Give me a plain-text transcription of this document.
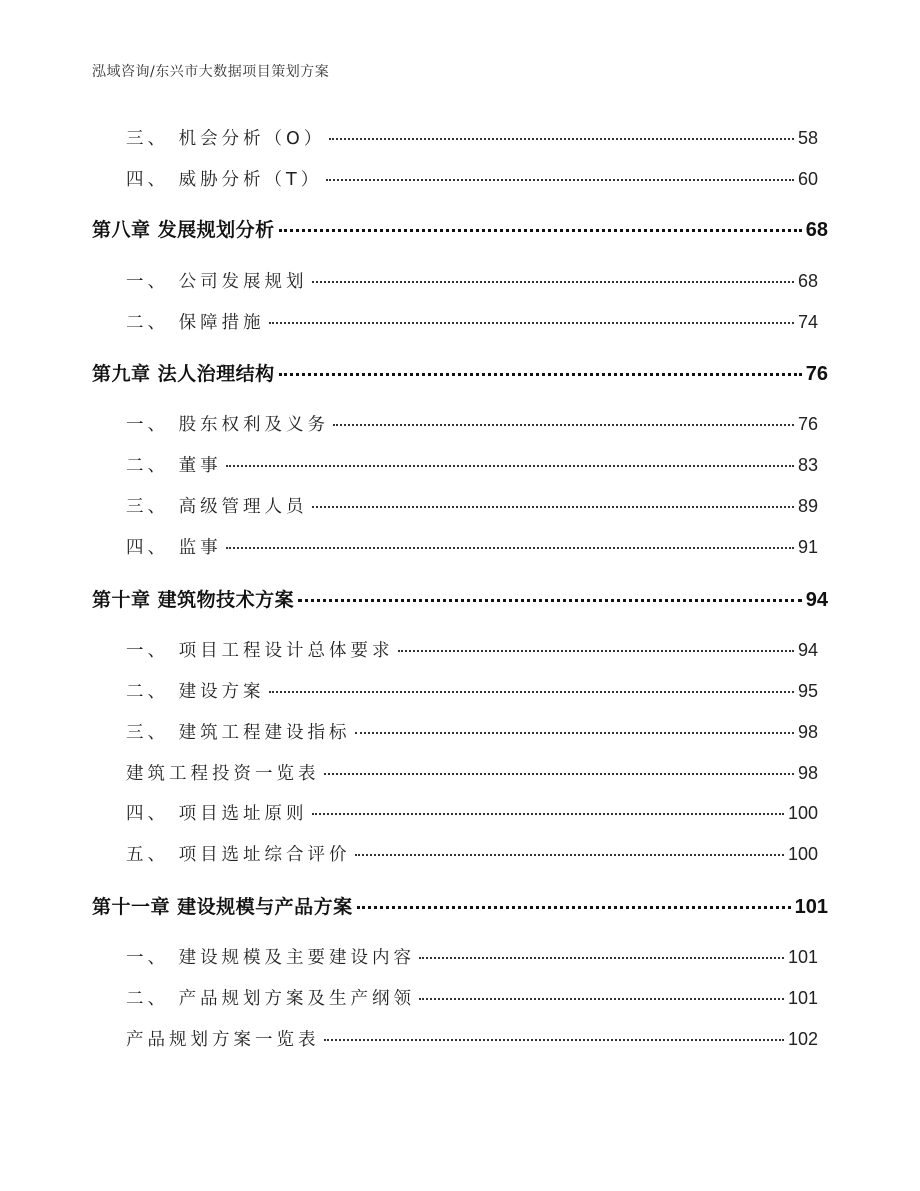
泓域咨询/东兴市大数据项目策划方案
三、 机会分析（O）	58
四、 威胁分析（T）	60
第八章 发展规划分析	68
一、 公司发展规划	68
二、 保障措施	74
第九章 法人治理结构	76
一、 股东权利及义务	76
二、 董事	83
三、 高级管理人员	89
四、 监事	91
第十章 建筑物技术方案	94
一、 项目工程设计总体要求	94
二、 建设方案	95
三、 建筑工程建设指标	98
建筑工程投资一览表	98
四、 项目选址原则	100
五、 项目选址综合评价	100
第十一章 建设规模与产品方案	101
一、 建设规模及主要建设内容	101
二、 产品规划方案及生产纲领	101
产品规划方案一览表	102
